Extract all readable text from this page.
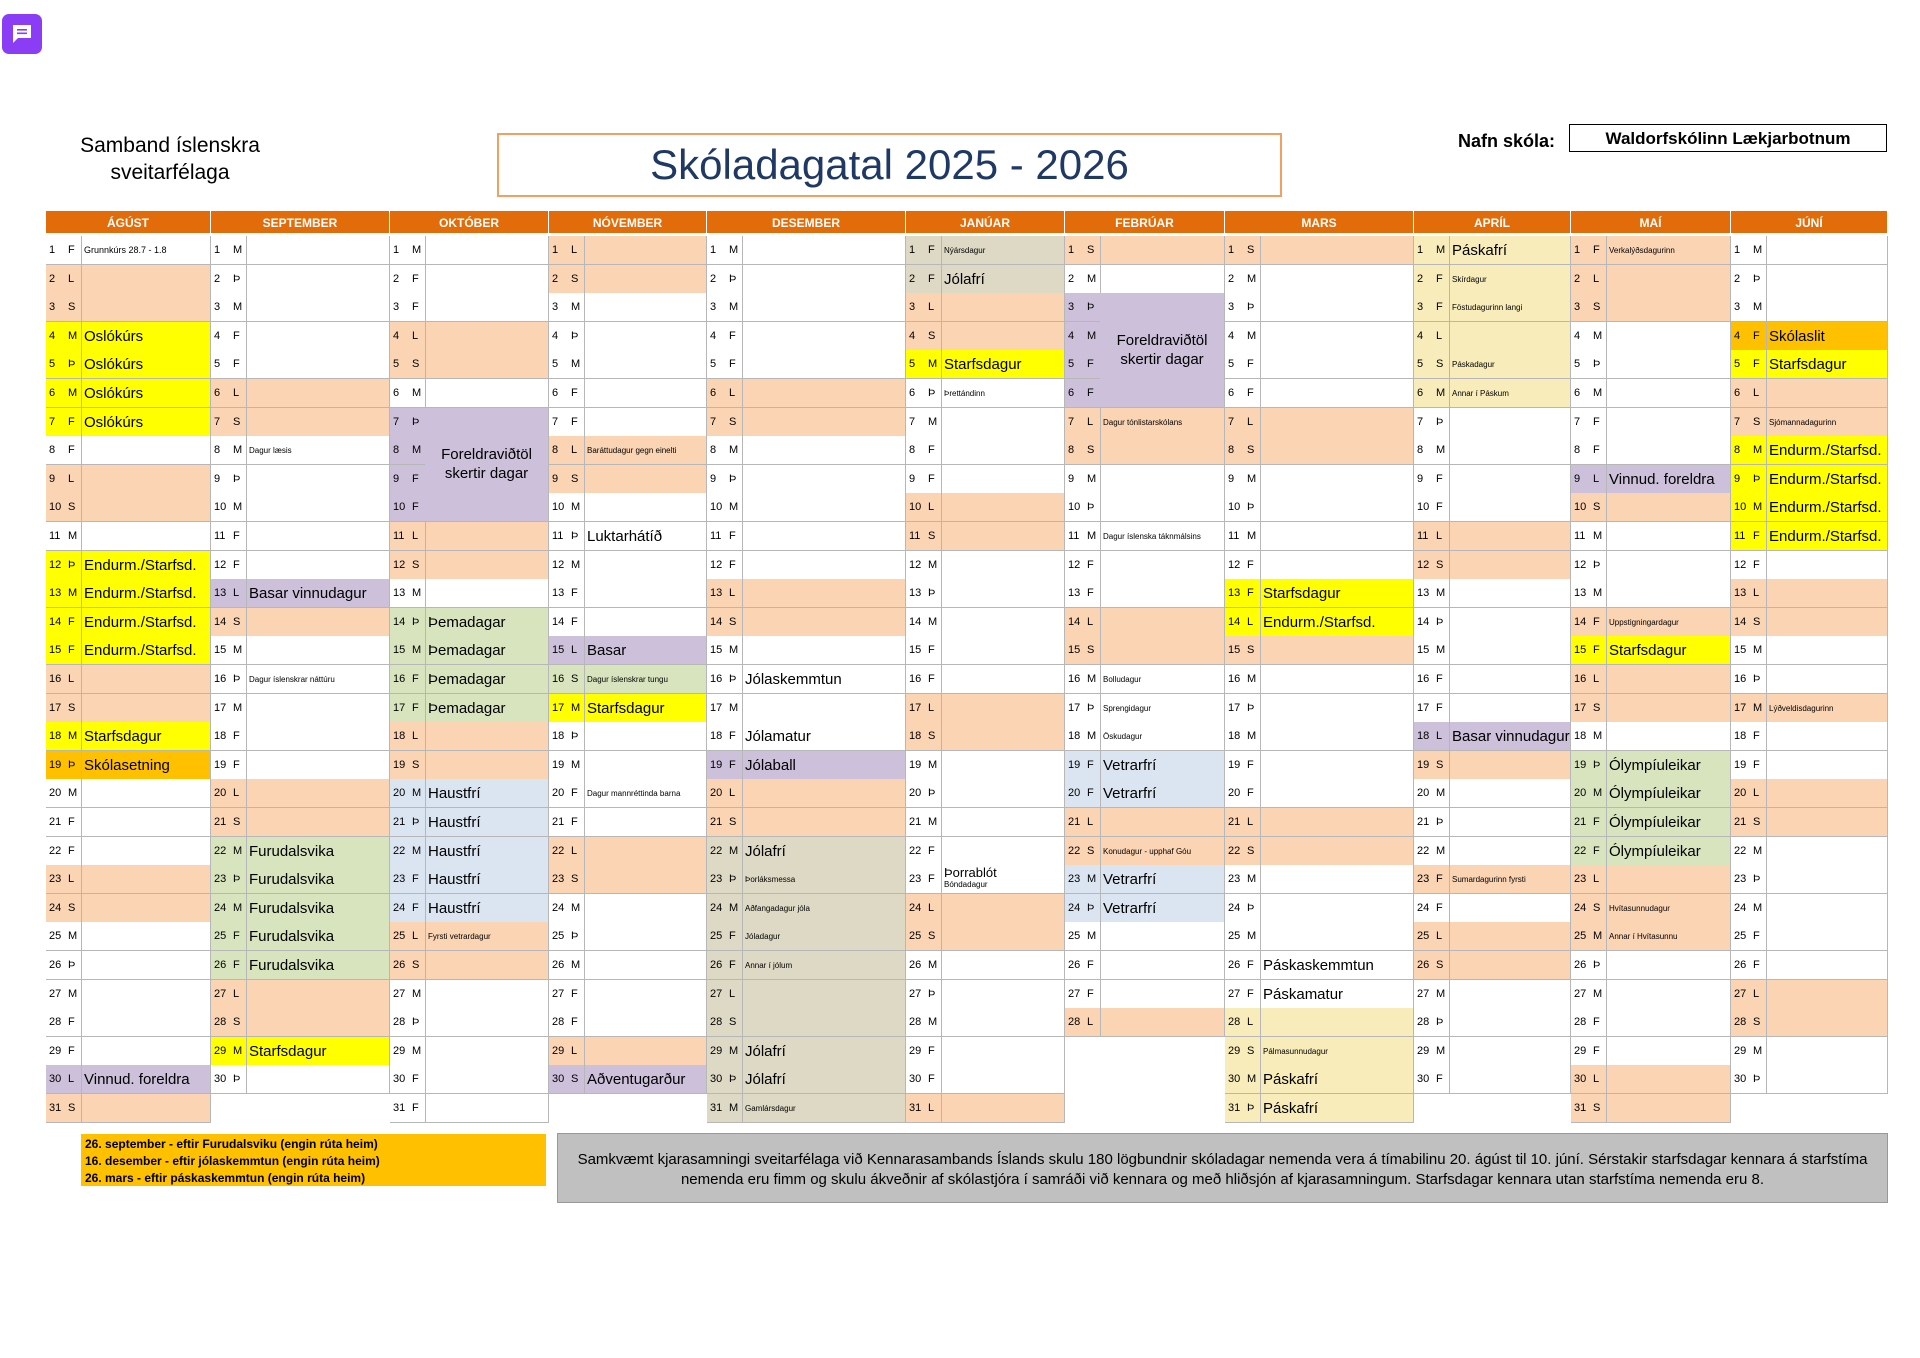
Samband íslenskra sveitarfélaga	Skóladagatal 2025 - 2026	Nafn skóla:	Waldorfskólinn Lækjarbotnum
ÁGÚST
1 F	Grunnkúrs 28.7 - 1.8
2 L
3 S
4 M Oslókúrs
5 Þ Oslókúrs
6 M Oslókúrs
7 F Oslókúrs
8 F
9 L
10 S
11 M
12 Þ Endurm./Starfsd.
13 M Endurm./Starfsd.
14 F Endurm./Starfsd.
15 F Endurm./Starfsd.
16 L
17 S
18 M Starfsdagur
19 Þ Skólasetning
20 M
21 F
22 F
23 L
24 S
25 M
26 Þ
27 M
28 F
29 F
30 L Vinnud. foreldra
31 S
SEPTEMBER
1 M
2 Þ
3 M
4 F
5 F
6 L
7 S
8 M Dagur læsis
9 Þ
10 M
11 F
12 F
13 L Basar vinnudagur
14 S
15 M
16 Þ	Dagur íslenskrar náttúru
17 M
18 F
19 F
20 L
21 S
22 M Furudalsvika
23 Þ Furudalsvika
24 M Furudalsvika
25 F Furudalsvika
26 F Furudalsvika
27 L
28 S
29 M Starfsdagur
30 Þ
OKTÓBER
1 M
2 F
3 F
4 L
5 S
6 M
7 Þ
8 M
9 F
10 F
11 L
12 S
13 M
14 Þ Þemadagar
15 M Þemadagar
16 F Þemadagar
17 F Þemadagar
18 L
19 S
20 M Haustfrí
21 Þ Haustfrí
22 M Haustfrí
23 F Haustfrí
24 F Haustfrí
25 L	Fyrsti vetrardagur
26 S
27 M
28 Þ
29 M
30 F
31 F
NÓVEMBER
1 L
2 S
3 M
4 Þ
5 M
6 F
7 F
8 L	Baráttudagur gegn einelti
9 S
10 M
11 Þ Luktarhátíð
12 M
13 F
14 F
15 L Basar
16 S	Dagur íslenskrar tungu
17 M Starfsdagur
18 Þ
19 M
20 F	Dagur mannréttinda barna
21 F
22 L
23 S
24 M
25 Þ
26 M
27 F
28 F
29 L
30 S Aðventugarður
DESEMBER
1 M
2 Þ
3 M
4 F
5 F
6 L
7 S
8 M
9 Þ
10 M
11 F
12 F
13 L
14 S
15 M
16 Þ Jólaskemmtun
17 M
18 F Jólamatur
19 F Jólaball
20 L
21 S
22 M Jólafrí
23 Þ	Þorláksmessa
24 M Aðfangadagur jóla
25 F	Jóladagur
26 F	Annar í jólum
27 L
28 S
29 M Jólafrí
30 Þ Jólafrí
31 M Gamlársdagur
JANÚAR
1 F	Nýársdagur
2 F Jólafrí
3 L
4 S
5 M Starfsdagur
6 Þ	Þrettándinn
7 M
8 F
9 F
10 L
11 S
12 M
13 Þ
14 M
15 F
16 F
17 L
18 S
19 M
20 Þ
21 M
22 F
23 F Þorrablót
Bóndadagur
24 L
25 S
26 M
27 Þ
28 M
29 F
30 F
31 L
FEBRÚAR
1 S
2 M
3 Þ
4 M
5 F
6 F
7 L	Dagur tónlistarskólans
8 S
9 M
10 Þ
11 M Dagur íslenska táknmálsins
12 F
13 F
14 L
15 S
16 M Bolludagur
17 Þ	Sprengidagur
18 M Öskudagur
19 F Vetrarfrí
20 F Vetrarfrí
21 L
22 S	Konudagur - upphaf Góu
23 M Vetrarfrí
24 Þ Vetrarfrí
25 M
26 F
27 F
28 L
MARS
1 S
2 M
3 Þ
4 M
5 F
6 F
7 L
8 S
9 M
10 Þ
11 M
12 F
13 F Starfsdagur
14 L Endurm./Starfsd.
15 S
16 M
17 Þ
18 M
19 F
20 F
21 L
22 S
23 M
24 Þ
25 M
26 F Páskaskemmtun
27 F Páskamatur
28 L
29 S	Pálmasunnudagur
30 M Páskafrí
31 Þ Páskafrí
APRÍL
1 M Páskafrí
2 F	Skírdagur
3 F	Föstudagurinn langi
4 L
5 S	Páskadagur
6 M Annar í Páskum
7 Þ
8 M
9 F
10 F
11 L
12 S
13 M
14 Þ
15 M
16 F
17 F
18 L Basar vinnudagur
19 S
20 M
21 Þ
22 M
23 F	Sumardagurinn fyrsti
24 F
25 L
26 S
27 M
28 Þ
29 M
30 F
MAÍ
1 F	Verkalýðsdagurinn
2 L
3 S
4 M
5 Þ
6 M
7 F
8 F
9 L Vinnud. foreldra
10 S
11 M
12 Þ
13 M
14 F	Uppstigningardagur
15 F Starfsdagur
16 L
17 S
18 M
19 Þ Ólympíuleikar
20 M Ólympíuleikar
21 F Ólympíuleikar
22 F Ólympíuleikar
23 L
24 S	Hvítasunnudagur
25 M Annar í Hvítasunnu
26 Þ
27 M
28 F
29 F
30 L
31 S
JÚNÍ
1 M
2 Þ
3 M
4 F Skólaslit
5 F Starfsdagur
6 L
7 S	Sjómannadagurinn
8 M Endurm./Starfsd.
9 Þ Endurm./Starfsd.
10 M Endurm./Starfsd.
11 F Endurm./Starfsd.
12 F
13 L
14 S
15 M
16 Þ
17 M Lýðveldisdagurinn
18 F
19 F
20 L
21 S
22 M
23 Þ
24 M
25 F
26 F
27 L
28 S
29 M
30 Þ
Foreldraviðtöl skertir dagar
Foreldraviðtöl skertir dagar
26. september - eftir Furudalsviku (engin rúta heim)
16. desember - eftir jólaskemmtun (engin rúta heim)
26. mars - eftir páskaskemmtun (engin rúta heim)
Samkvæmt kjarasamningi sveitarfélaga við Kennarasambands Íslands skulu 180 lögbundnir skóladagar nemenda vera á tímabilinu 20. ágúst til 10. júní. Sérstakir starfsdagar kennara á starfstíma nemenda eru fimm og skulu ákveðnir af skólastjóra í samráði við kennara og með hliðsjón af kjarasamningum. Starfsdagar kennara utan starfstíma nemenda eru 8.
